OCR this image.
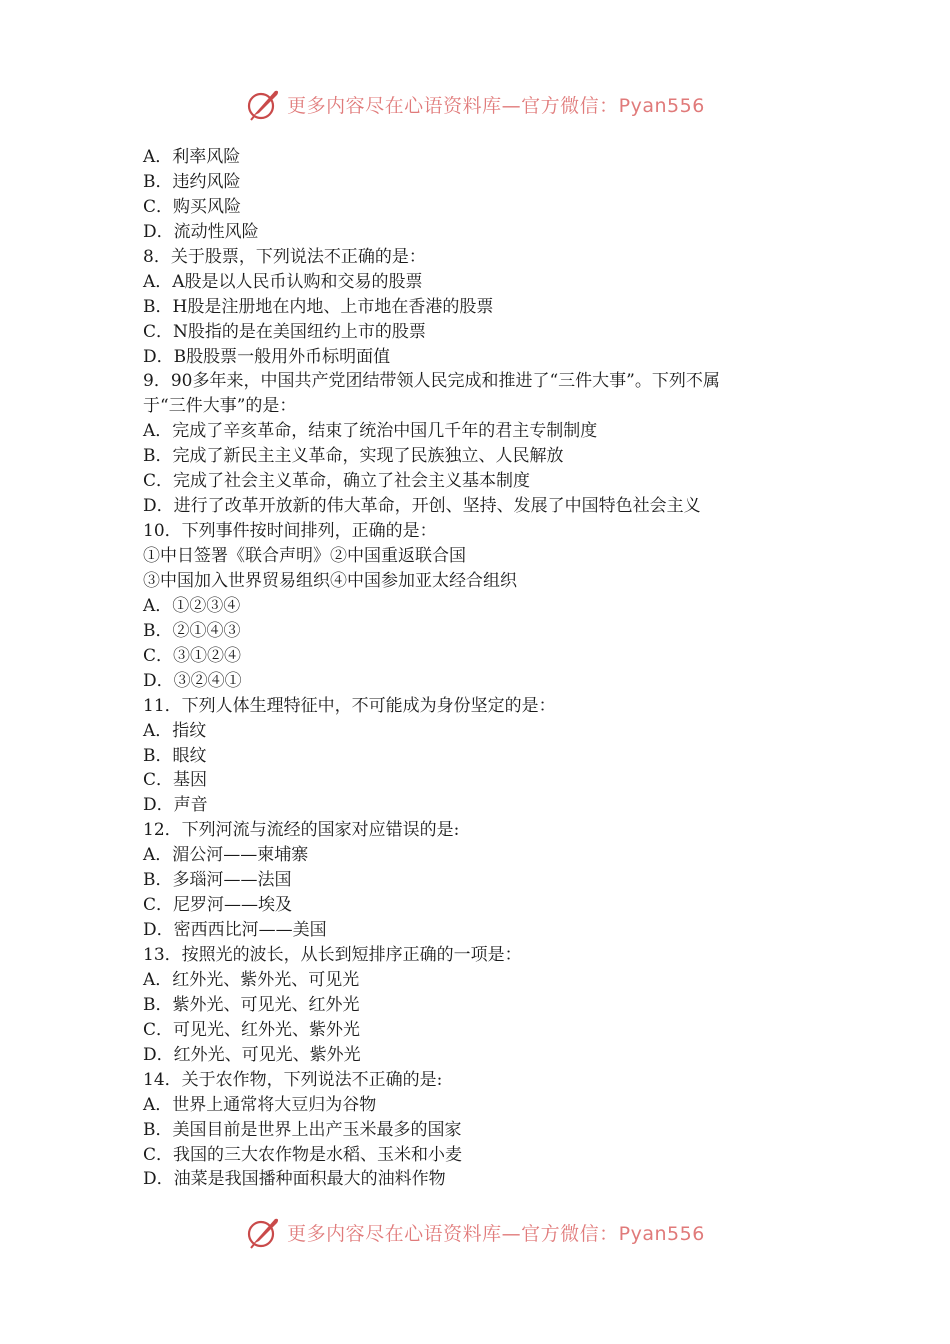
更多内容尽在心语资料库—官方微信：Pyan556
A．利率风险
B．违约风险
C．购买风险
D．流动性风险
8．关于股票，下列说法不正确的是：
A．A股是以人民币认购和交易的股票
B．H股是注册地在内地、上市地在香港的股票
C．N股指的是在美国纽约上市的股票
D．B股股票一般用外币标明面值
9．90多年来，中国共产党团结带领人民完成和推进了“三件大事”。下列不属
于“三件大事”的是：
A．完成了辛亥革命，结束了统治中国几千年的君主专制制度
B．完成了新民主主义革命，实现了民族独立、人民解放
C．完成了社会主义革命，确立了社会主义基本制度
D．进行了改革开放新的伟大革命，开创、坚持、发展了中国特色社会主义
10．下列事件按时间排列，正确的是：
①中日签署《联合声明》②中国重返联合国
③中国加入世界贸易组织④中国参加亚太经合组织
A．①②③④
B．②①④③
C．③①②④
D．③②④①
11．下列人体生理特征中，不可能成为身份坚定的是：
A．指纹
B．眼纹
C．基因
D．声音
12．下列河流与流经的国家对应错误的是:
A．湄公河——柬埔寨
B．多瑙河——法国
C．尼罗河——埃及
D．密西西比河——美国
13．按照光的波长，从长到短排序正确的一项是：
A．红外光、紫外光、可见光
B．紫外光、可见光、红外光
C．可见光、红外光、紫外光
D．红外光、可见光、紫外光
14．关于农作物，下列说法不正确的是:
A．世界上通常将大豆归为谷物
B．美国目前是世界上出产玉米最多的国家
C．我国的三大农作物是水稻、玉米和小麦
D．油菜是我国播种面积最大的油料作物
更多内容尽在心语资料库—官方微信：Pyan556
